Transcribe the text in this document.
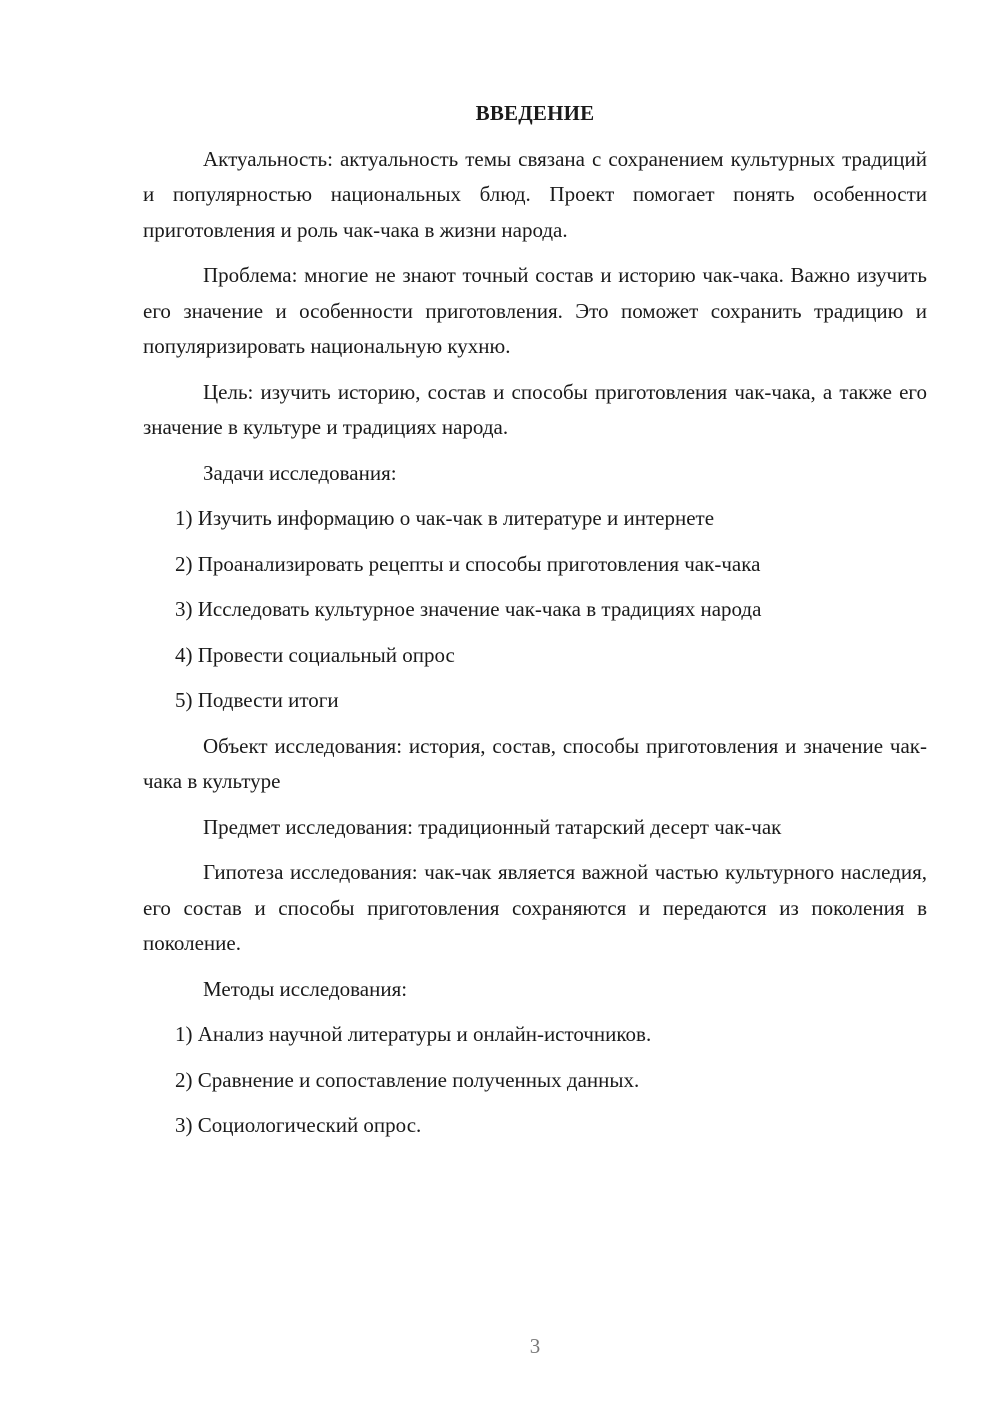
ВВЕДЕНИЕ

Актуальность: актуальность темы связана с сохранением культурных традиций и популярностью национальных блюд. Проект помогает понять особенности приготовления и роль чак-чака в жизни народа.

Проблема: многие не знают точный состав и историю чак-чака. Важно изучить его значение и особенности приготовления. Это поможет сохранить традицию и популяризировать национальную кухню.

Цель: изучить историю, состав и способы приготовления чак-чака, а также его значение в культуре и традициях народа.

Задачи исследования:

1) Изучить информацию о чак-чак в литературе и интернете
2) Проанализировать рецепты и способы приготовления чак-чака
3) Исследовать культурное значение чак-чака в традициях народа
4) Провести социальный опрос
5) Подвести итоги

Объект исследования: история, состав, способы приготовления и значение чак-чака в культуре

Предмет исследования: традиционный татарский десерт чак-чак

Гипотеза исследования: чак-чак является важной частью культурного наследия, его состав и способы приготовления сохраняются и передаются из поколения в поколение.

Методы исследования:

1) Анализ научной литературы и онлайн-источников.
2) Сравнение и сопоставление полученных данных.
3) Социологический опрос.
3
